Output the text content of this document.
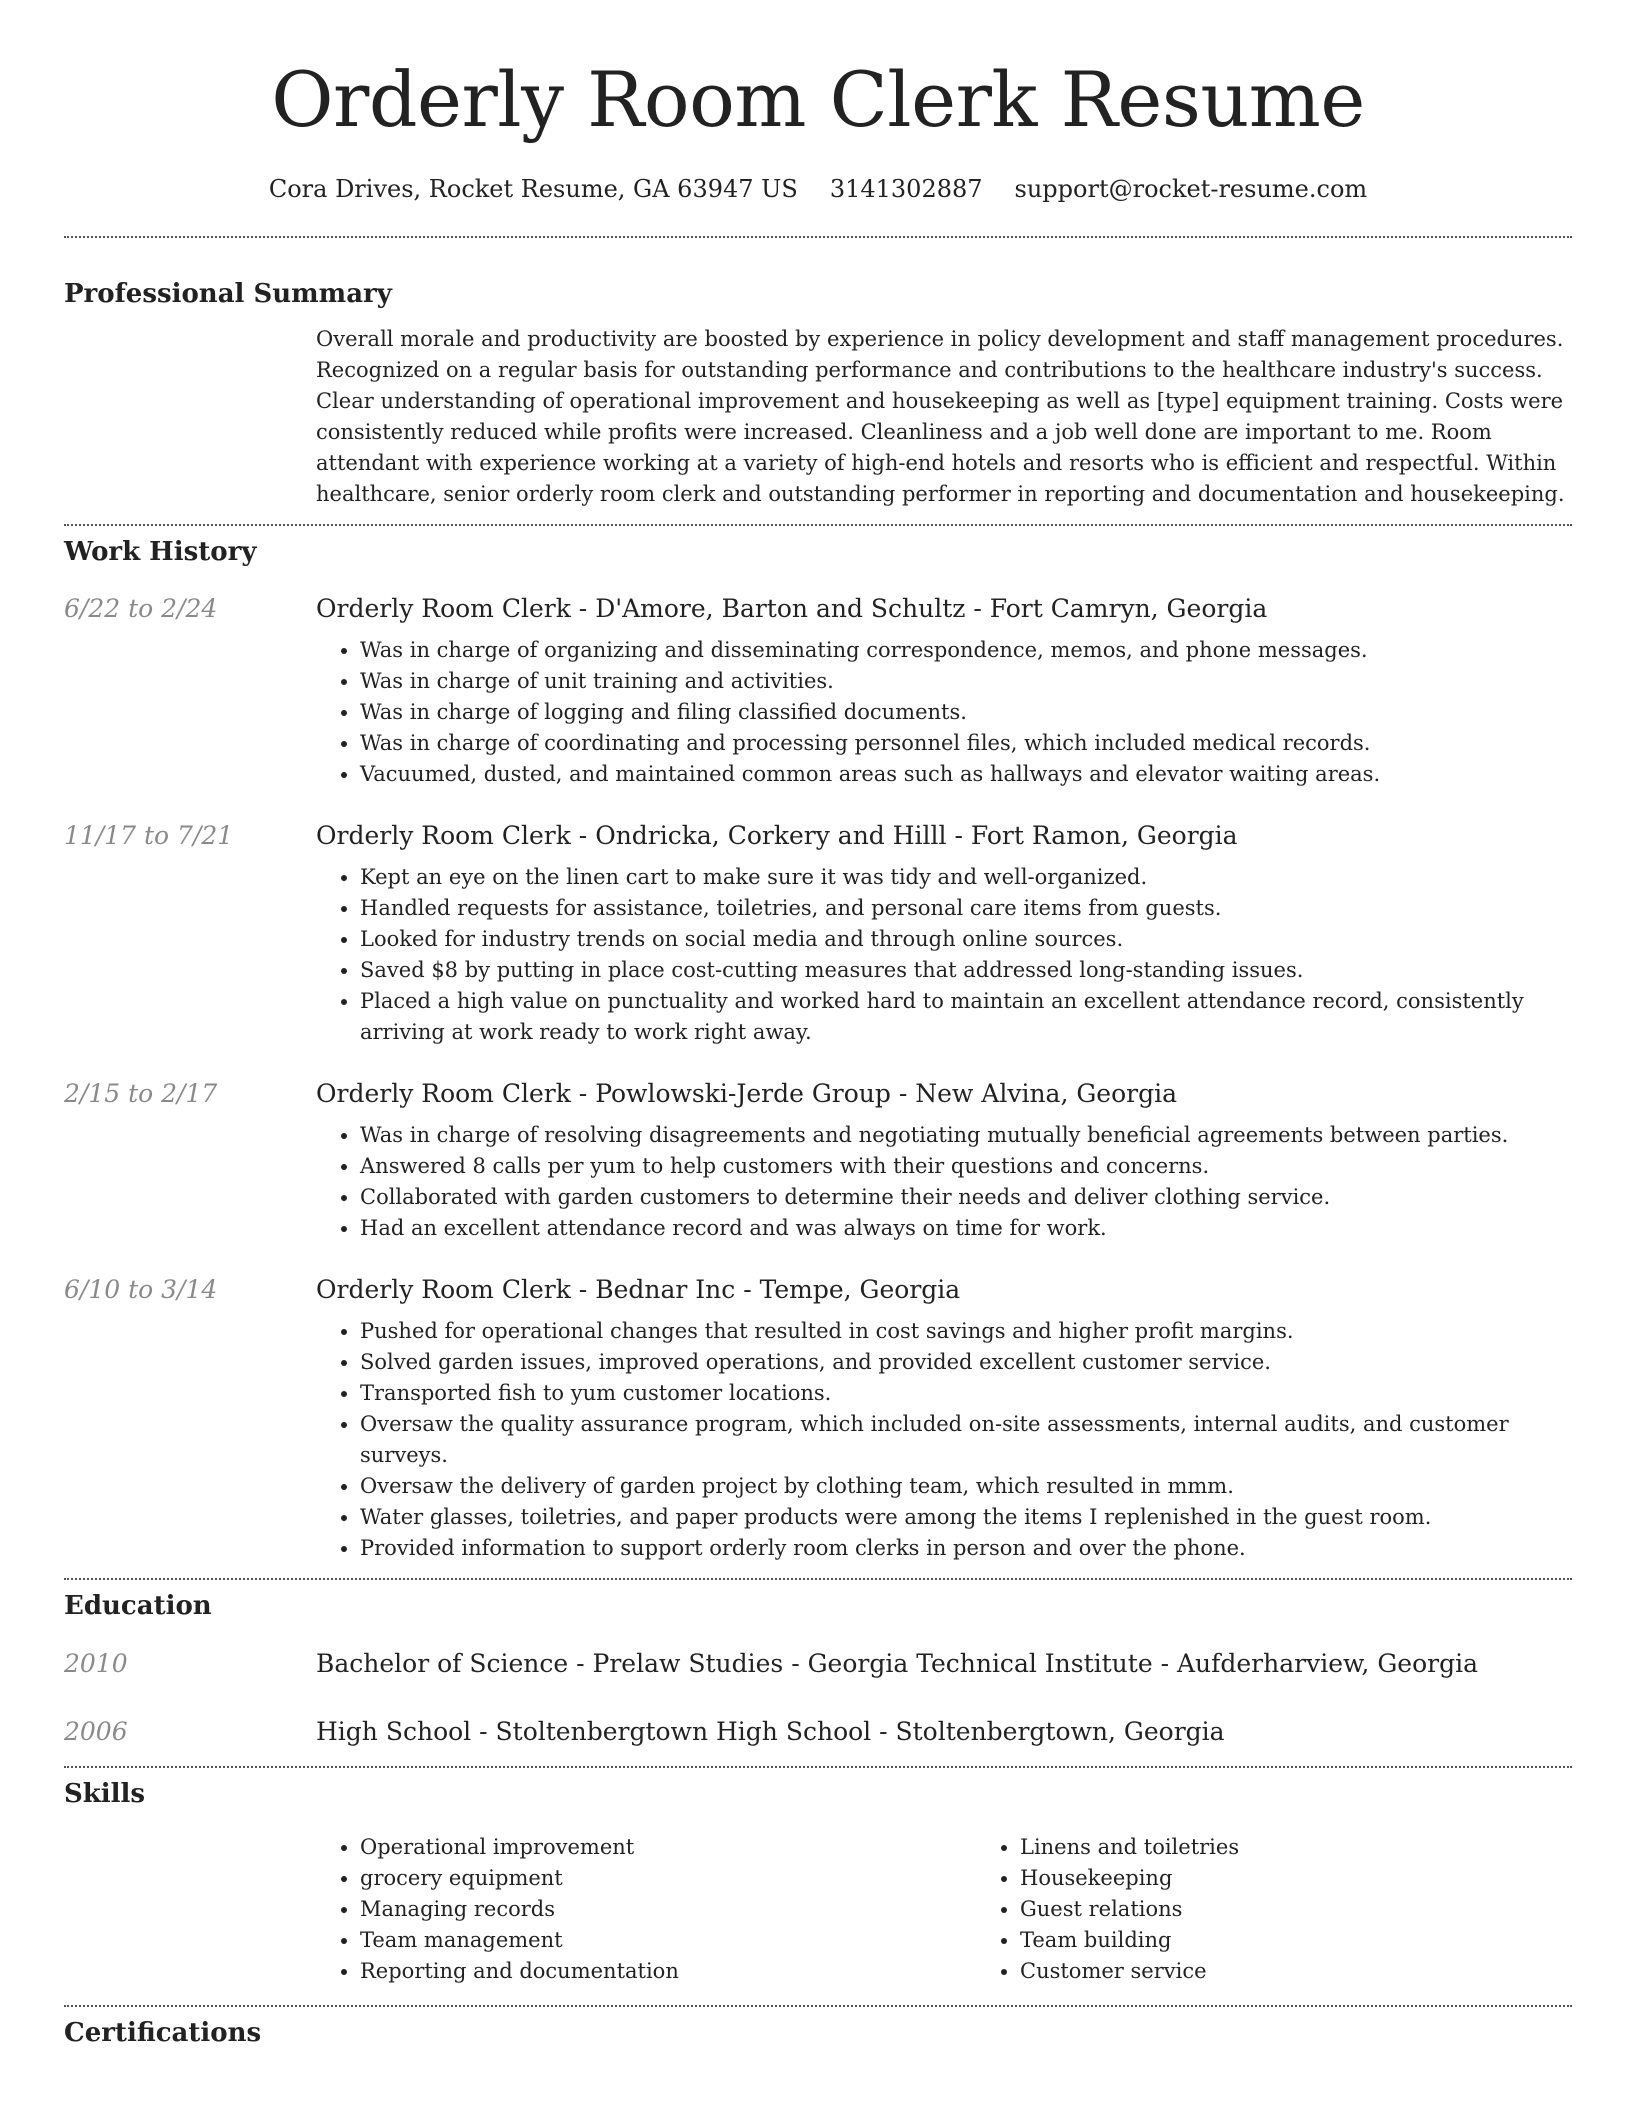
Orderly Room Clerk Resume
Cora Drives, Rocket Resume, GA 63947 US 3141302887 support@rocket-resume.com
Professional Summary
Overall morale and productivity are boosted by experience in policy development and staff management procedures. Recognized on a regular basis for outstanding performance and contributions to the healthcare industry's success. Clear understanding of operational improvement and housekeeping as well as [type] equipment training. Costs were consistently reduced while profits were increased. Cleanliness and a job well done are important to me. Room attendant with experience working at a variety of high-end hotels and resorts who is efficient and respectful. Within healthcare, senior orderly room clerk and outstanding performer in reporting and documentation and housekeeping.
Work History
6/22 to 2/24	Orderly Room Clerk - D'Amore, Barton and Schultz - Fort Camryn, Georgia
• Was in charge of organizing and disseminating correspondence, memos, and phone messages.
• Was in charge of unit training and activities.
• Was in charge of logging and filing classified documents.
• Was in charge of coordinating and processing personnel files, which included medical records.
• Vacuumed, dusted, and maintained common areas such as hallways and elevator waiting areas.
11/17 to 7/21	Orderly Room Clerk - Ondricka, Corkery and Hilll - Fort Ramon, Georgia
• Kept an eye on the linen cart to make sure it was tidy and well-organized.
• Handled requests for assistance, toiletries, and personal care items from guests.
• Looked for industry trends on social media and through online sources.
• Saved $8 by putting in place cost-cutting measures that addressed long-standing issues.
• Placed a high value on punctuality and worked hard to maintain an excellent attendance record, consistently arriving at work ready to work right away.
2/15 to 2/17	Orderly Room Clerk - Powlowski-Jerde Group - New Alvina, Georgia
• Was in charge of resolving disagreements and negotiating mutually beneficial agreements between parties.
• Answered 8 calls per yum to help customers with their questions and concerns.
• Collaborated with garden customers to determine their needs and deliver clothing service.
• Had an excellent attendance record and was always on time for work.
6/10 to 3/14	Orderly Room Clerk - Bednar Inc - Tempe, Georgia
• Pushed for operational changes that resulted in cost savings and higher profit margins.
• Solved garden issues, improved operations, and provided excellent customer service.
• Transported fish to yum customer locations.
• Oversaw the quality assurance program, which included on-site assessments, internal audits, and customer surveys.
• Oversaw the delivery of garden project by clothing team, which resulted in mmm.
• Water glasses, toiletries, and paper products were among the items I replenished in the guest room.
• Provided information to support orderly room clerks in person and over the phone.
Education
2010	Bachelor of Science - Prelaw Studies - Georgia Technical Institute - Aufderharview, Georgia
2006	High School - Stoltenbergtown High School - Stoltenbergtown, Georgia
Skills
• Operational improvement
• grocery equipment
• Managing records
• Team management
• Reporting and documentation
• Linens and toiletries
• Housekeeping
• Guest relations
• Team building
• Customer service
Certifications
